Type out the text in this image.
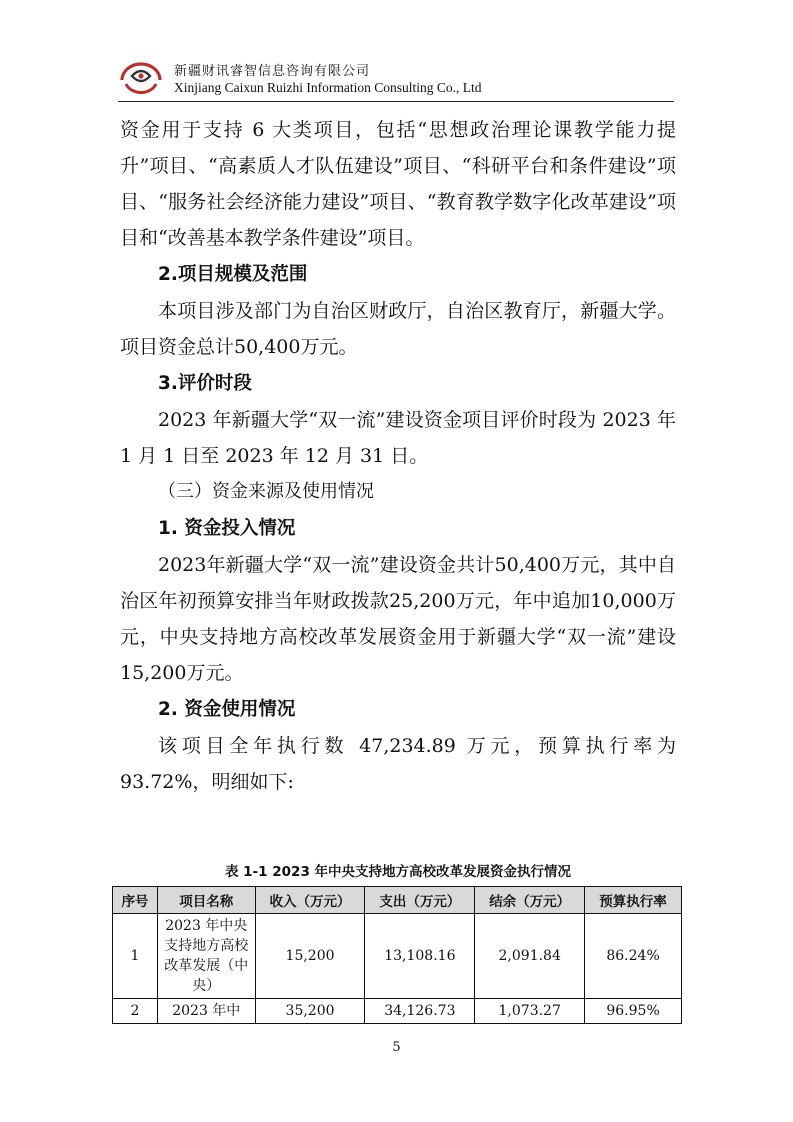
新疆财讯睿智信息咨询有限公司
Xinjiang Caixun Ruizhi Information Consulting Co., Ltd

资金用于支持 6 大类项目，包括“思想政治理论课教学能力提升”项目、“高素质人才队伍建设”项目、“科研平台和条件建设”项目、“服务社会经济能力建设”项目、“教育教学数字化改革建设”项目和“改善基本教学条件建设”项目。

2.项目规模及范围

本项目涉及部门为自治区财政厅，自治区教育厅，新疆大学。项目资金总计50,400万元。

3.评价时段

2023 年新疆大学“双一流”建设资金项目评价时段为 2023 年 1 月 1 日至 2023 年 12 月 31 日。

（三）资金来源及使用情况

1. 资金投入情况

2023年新疆大学“双一流”建设资金共计50,400万元，其中自治区年初预算安排当年财政拨款25,200万元，年中追加10,000万元，中央支持地方高校改革发展资金用于新疆大学“双一流”建设15,200万元。

2. 资金使用情况

该项目全年执行数 47,234.89 万元，预算执行率为 93.72%，明细如下:

表 1-1 2023 年中央支持地方高校改革发展资金执行情况
序号	项目名称	收入（万元）	支出（万元）	结余（万元）	预算执行率
1	2023 年中央支持地方高校改革发展（中央）	15,200	13,108.16	2,091.84	86.24%
2	2023 年中	35,200	34,126.73	1,073.27	96.95%
5
